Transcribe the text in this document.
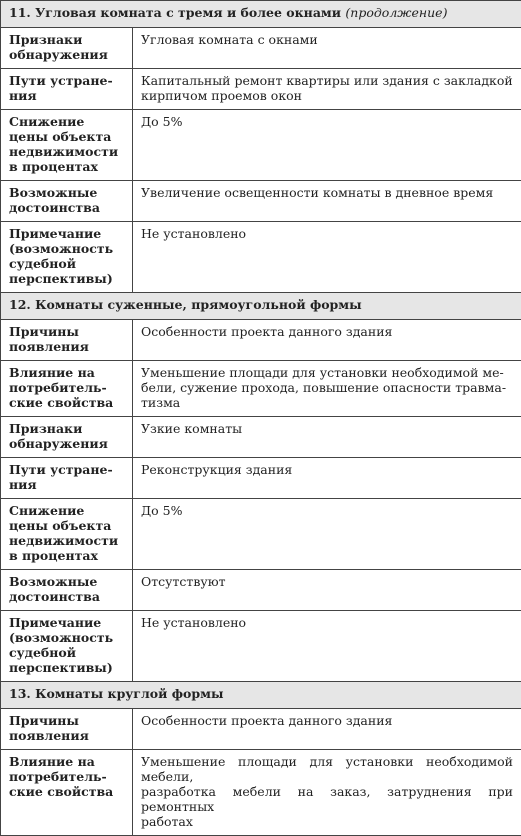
11. Угловая комната с тремя и более окнами (продолжение)	
Признаки
обнаружения	Угловая комната с окнами
Пути устране-
ния	Капитальный ремонт квартиры или здания с закладкой
кирпичом проемов окон
Снижение
цены объекта
недвижимости
в процентах	До 5%
Возможные
достоинства	Увеличение освещенности комнаты в дневное время
Примечание
(возможность
судебной
перспективы)	Не установлено
12. Комнаты суженные, прямоугольной формы	
Причины
появления	Особенности проекта данного здания
Влияние на
потребитель-
ские свойства	Уменьшение площади для установки необходимой ме-
бели, сужение прохода, повышение опасности травма-
тизма
Признаки
обнаружения	Узкие комнаты
Пути устране-
ния	Реконструкция здания
Снижение
цены объекта
недвижимости
в процентах	До 5%
Возможные
достоинства	Отсутствуют
Примечание
(возможность
судебной
перспективы)	Не установлено
13. Комнаты круглой формы	
Причины
появления	Особенности проекта данного здания
Влияние на
потребитель-
ские свойства	Уменьшение площади для установки необходимой мебели,
разработка мебели на заказ, затруднения при ремонтных
работах
